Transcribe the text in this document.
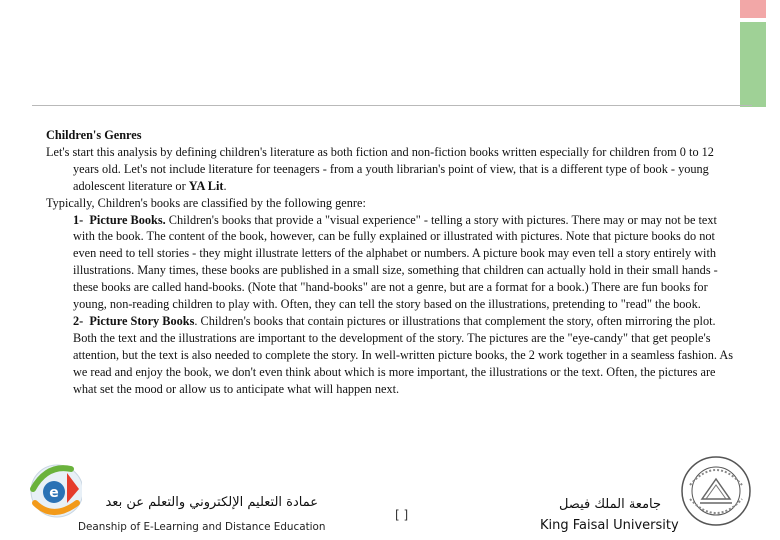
Children's Genres

Let's start this analysis by defining children's literature as both fiction and non-fiction books written especially for children from 0 to 12 years old. Let's not include literature for teenagers - from a youth librarian's point of view, that is a different type of book - young adolescent literature or YA Lit.

Typically, Children's books are classified by the following genre:

1- Picture Books. Children's books that provide a "visual experience" - telling a story with pictures. There may or may not be text with the book. The content of the book, however, can be fully explained or illustrated with pictures. Note that picture books do not even need to tell stories - they might illustrate letters of the alphabet or numbers. A picture book may even tell a story entirely with illustrations. Many times, these books are published in a small size, something that children can actually hold in their small hands - these books are called hand-books. (Note that "hand-books" are not a genre, but are a format for a book.) There are fun books for young, non-reading children to play with. Often, they can tell the story based on the illustrations, pretending to "read" the book.

2- Picture Story Books. Children's books that contain pictures or illustrations that complement the story, often mirroring the plot. Both the text and the illustrations are important to the development of the story. The pictures are the "eye-candy" that get people's attention, but the text is also needed to complete the story. In well-written picture books, the 2 work together in a seamless fashion. As we read and enjoy the book, we don't even think about which is more important, the illustrations or the text. Often, the pictures are what set the mood or allow us to anticipate what will happen next.

e
عمادة التعليم الإلكتروني والتعلم عن بعد
Deanship of E-Learning and Distance Education
[ ]
جامعة الملك فيصل
King Faisal University
